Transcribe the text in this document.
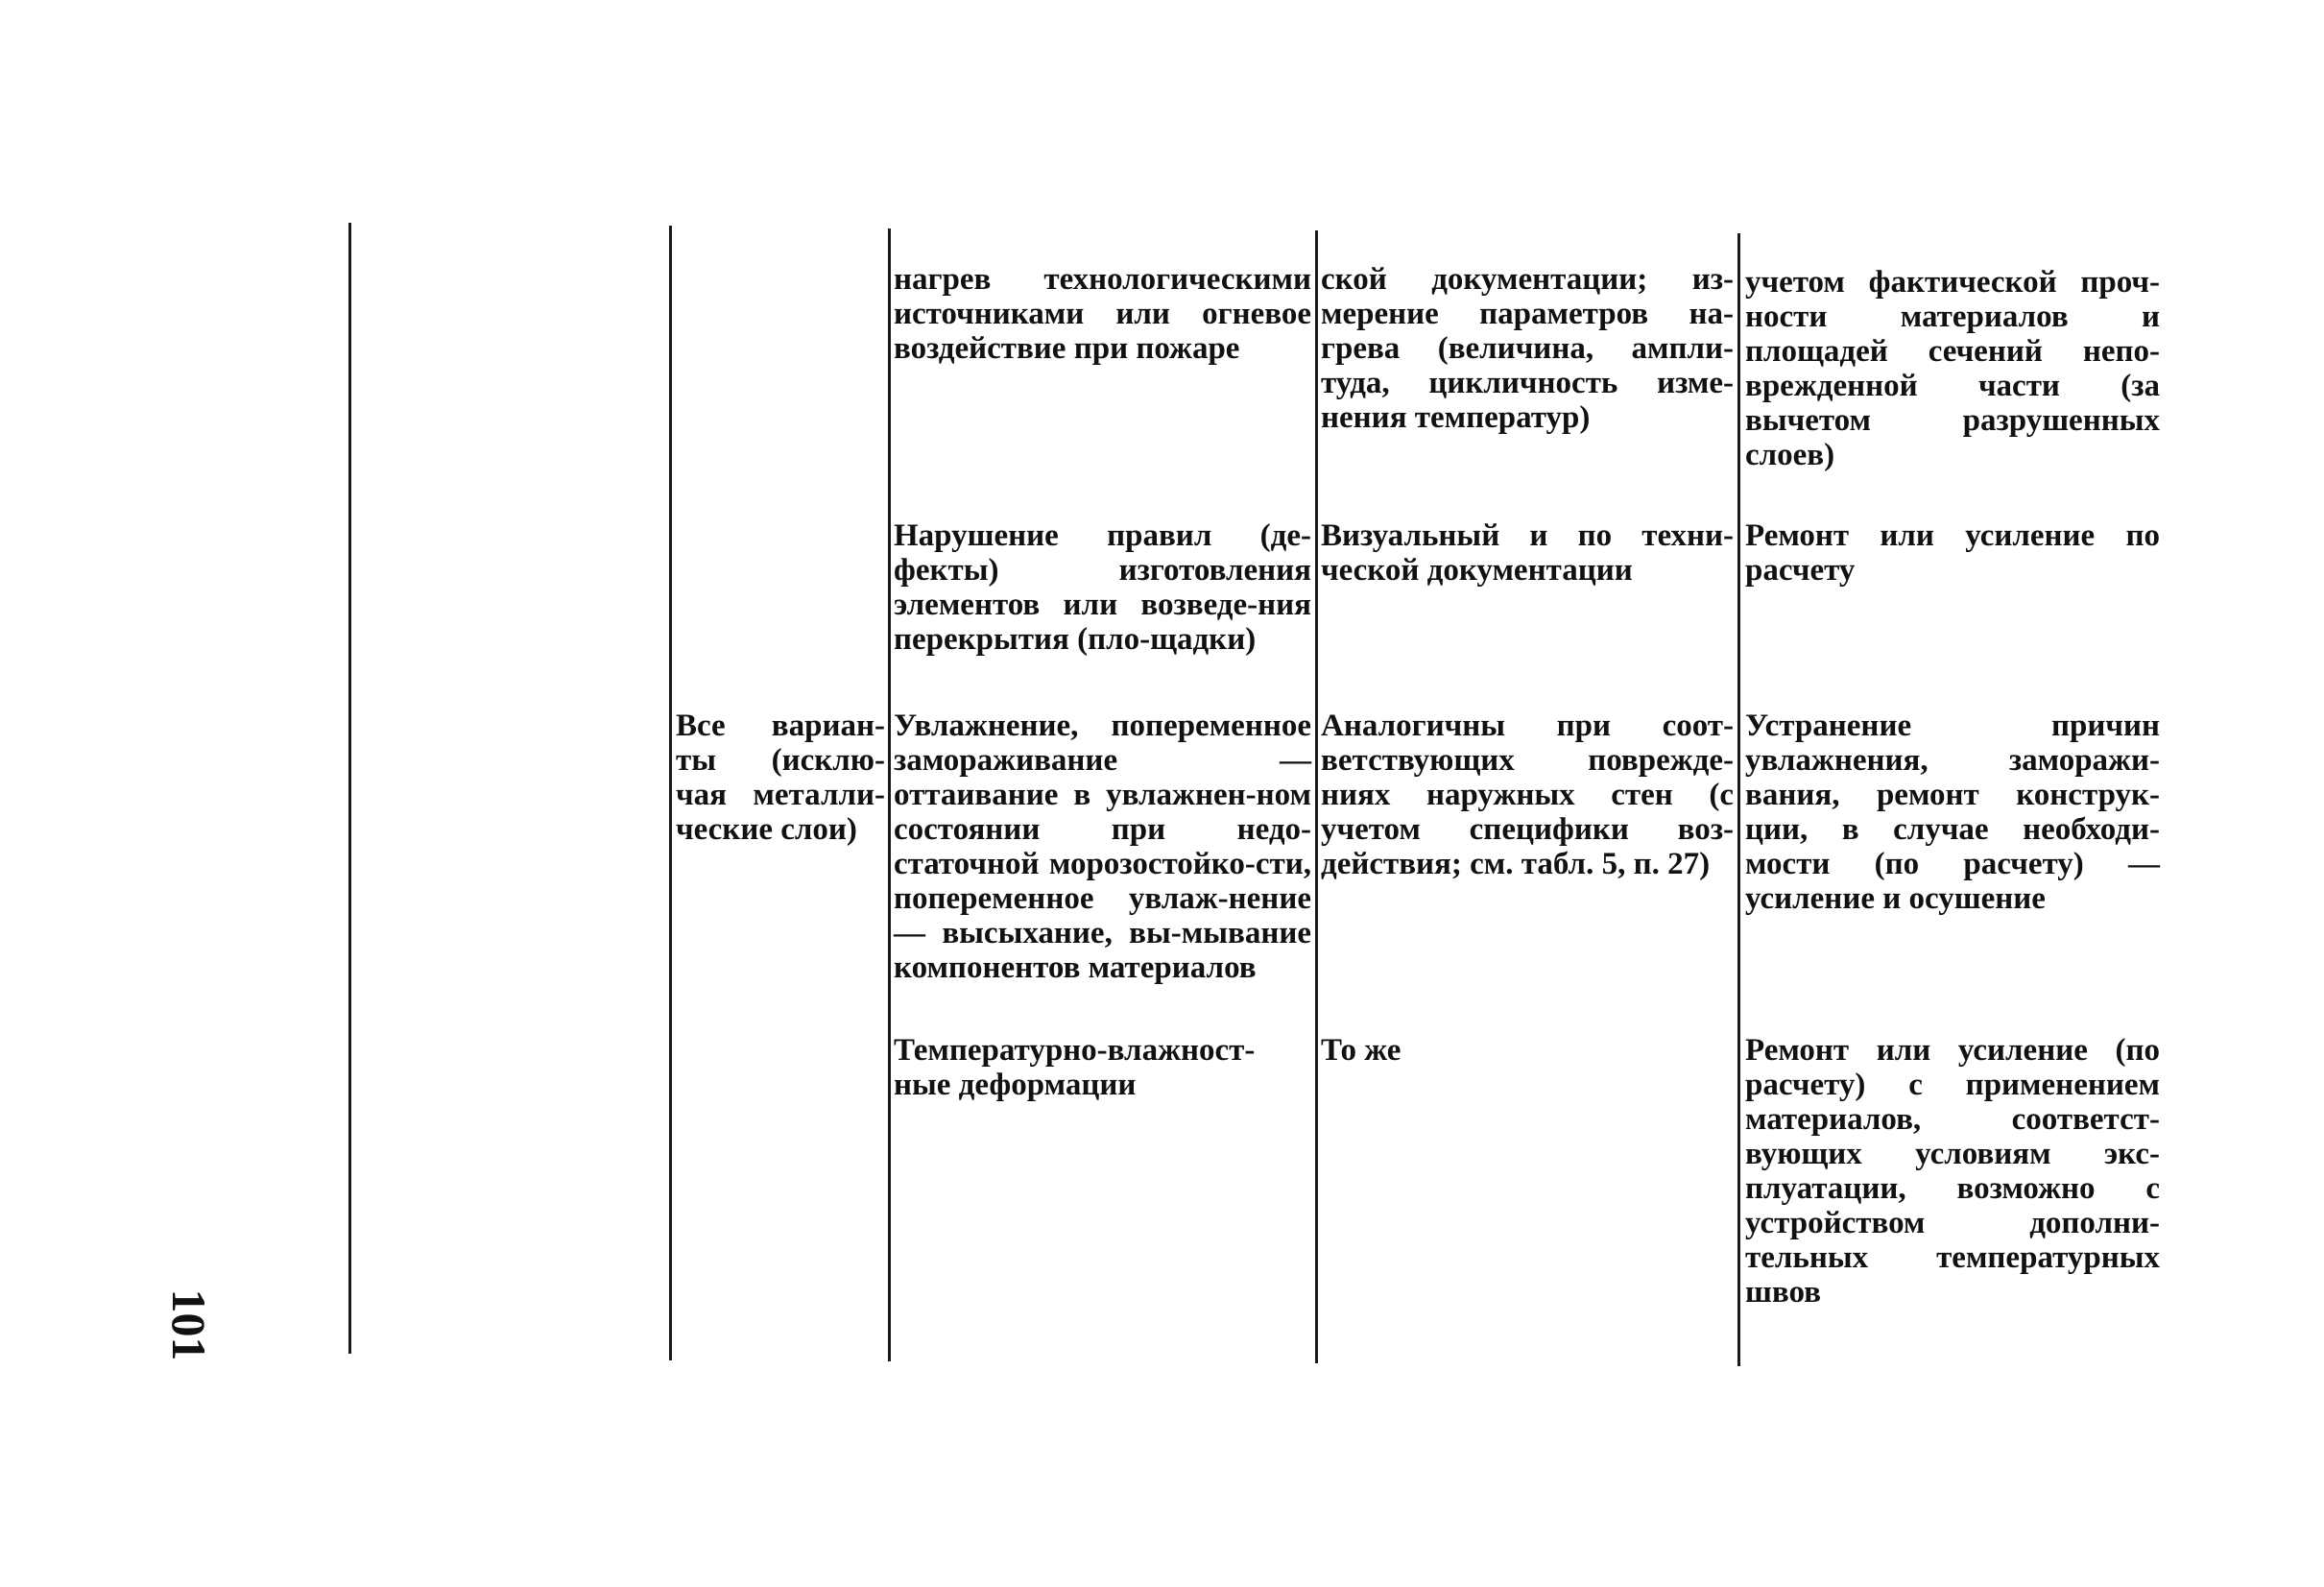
нагрев технологическими источниками или огневое воздействие при пожаре
ской документации; из-мерение параметров на-грева (величина, ампли-туда, цикличность изме-нения температур)
учетом фактической проч-ности материалов и площадей сечений непо-врежденной части (за вычетом разрушенных слоев)
Нарушение правил (де-фекты) изготовления элементов или возведе-ния перекрытия (пло-щадки)
Визуальный и по техни-ческой документации
Ремонт или усиление по расчету
Все вариан-ты (исклю-чая металли-ческие слои)
Увлажнение, попеременное замораживание — оттаивание в увлажнен-ном состоянии при недо-статочной морозостойко-сти, попеременное увлаж-нение — высыхание, вы-мывание компонентов материалов
Аналогичны при соот-ветствующих поврежде-ниях наружных стен (с учетом специфики воз-действия; см. табл. 5, п. 27)
Устранение причин увлажнения, заморажи-вания, ремонт конструк-ции, в случае необходи-мости (по расчету) — усиление и осушение
Температурно-влажност-ные деформации
То же	Ремонт или усиление (по расчету) с применением материалов, соответст-вующих условиям экс-плуатации, возможно с устройством дополни-тельных температурных швов
101
